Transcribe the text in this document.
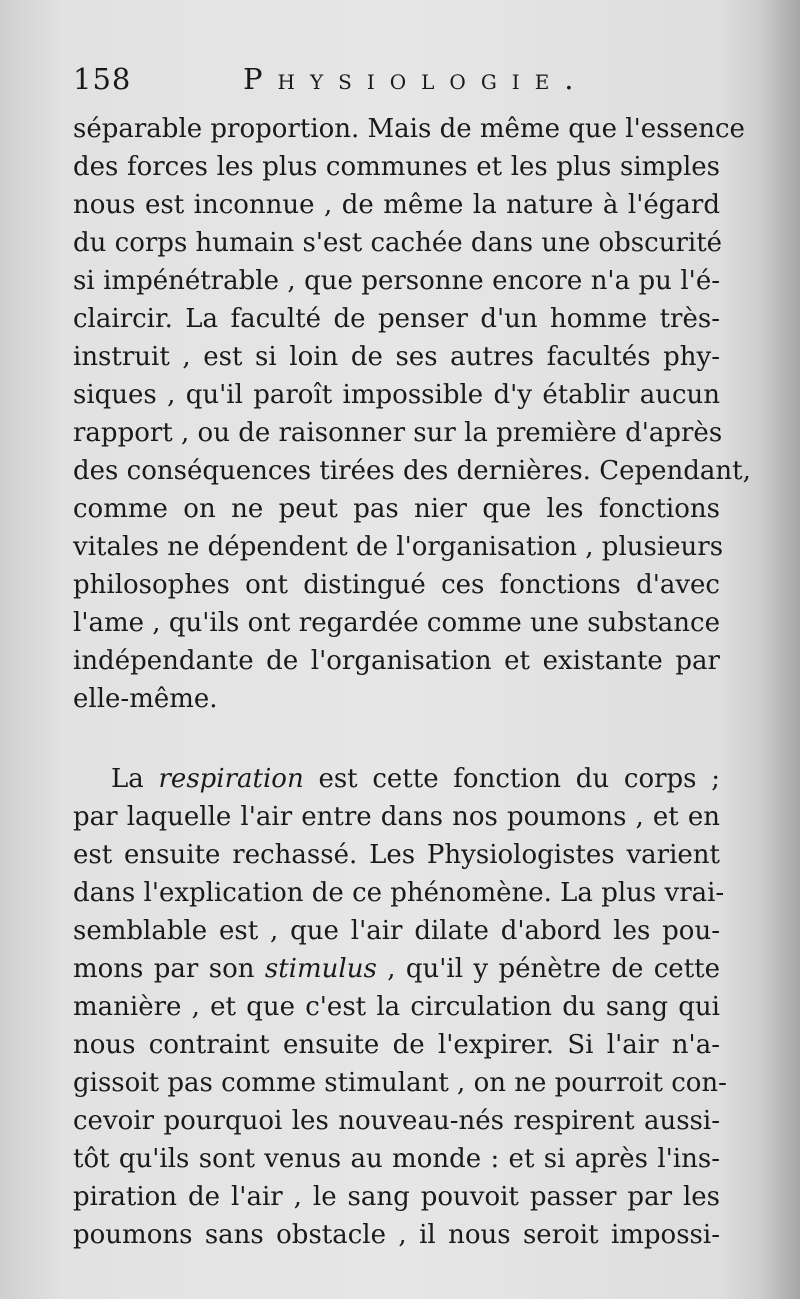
158	Physiologie.
séparable proportion. Mais de même que l'essence
des forces les plus communes et les plus simples
nous est inconnue , de même la nature à l'égard
du corps humain s'est cachée dans une obscurité
si impénétrable , que personne encore n'a pu l'é-
claircir. La faculté de penser d'un homme très-
instruit , est si loin de ses autres facultés phy-
siques , qu'il paroît impossible d'y établir aucun
rapport , ou de raisonner sur la première d'après
des conséquences tirées des dernières. Cependant,
comme on ne peut pas nier que les fonctions
vitales ne dépendent de l'organisation , plusieurs
philosophes ont distingué ces fonctions d'avec
l'ame , qu'ils ont regardée comme une substance
indépendante de l'organisation et existante par
elle-même.
La respiration est cette fonction du corps ;
par laquelle l'air entre dans nos poumons , et en
est ensuite rechassé. Les Physiologistes varient
dans l'explication de ce phénomène. La plus vrai-
semblable est , que l'air dilate d'abord les pou-
mons par son stimulus , qu'il y pénètre de cette
manière , et que c'est la circulation du sang qui
nous contraint ensuite de l'expirer. Si l'air n'a-
gissoit pas comme stimulant , on ne pourroit con-
cevoir pourquoi les nouveau-nés respirent aussi-
tôt qu'ils sont venus au monde : et si après l'ins-
piration de l'air , le sang pouvoit passer par les
poumons sans obstacle , il nous seroit impossi-
